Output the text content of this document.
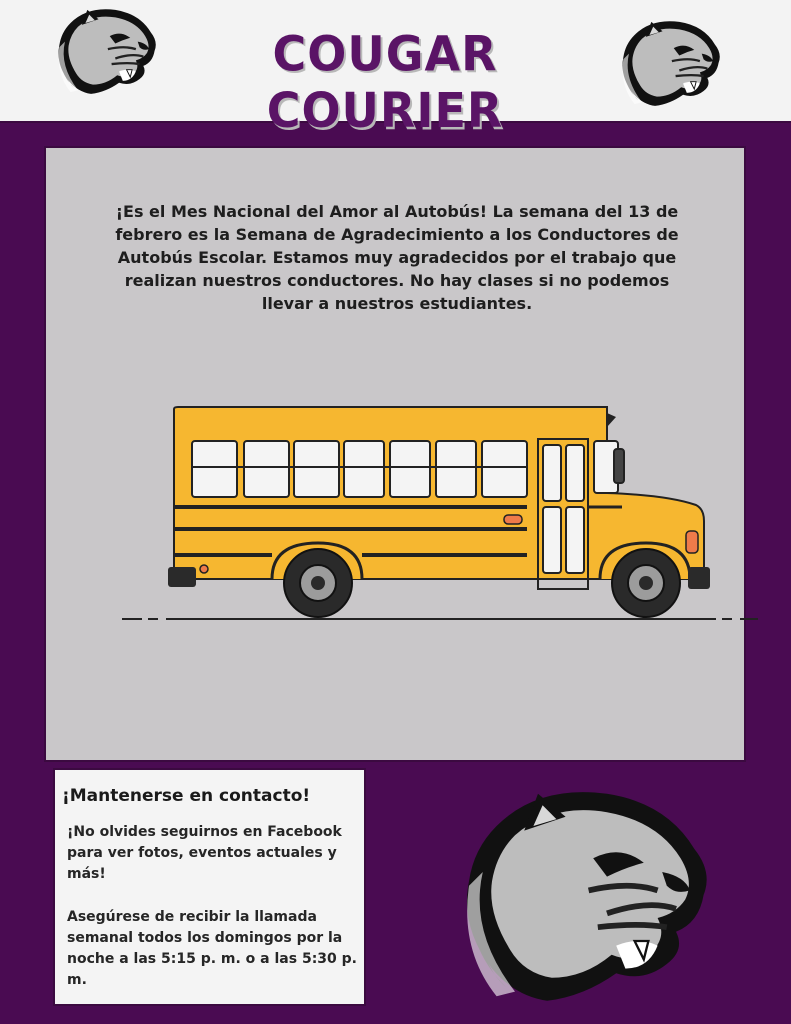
COUGAR COURIER
¡Es el Mes Nacional del Amor al Autobús! La semana del 13 de febrero es la Semana de Agradecimiento a los Conductores de Autobús Escolar. Estamos muy agradecidos por el trabajo que realizan nuestros conductores. No hay clases si no podemos llevar a nuestros estudiantes.
¡Mantenerse en contacto!
¡No olvides seguirnos en Facebook para ver fotos, eventos actuales y más!
Asegúrese de recibir la llamada semanal todos los domingos por la noche a las 5:15 p. m. o a las 5:30 p. m.
